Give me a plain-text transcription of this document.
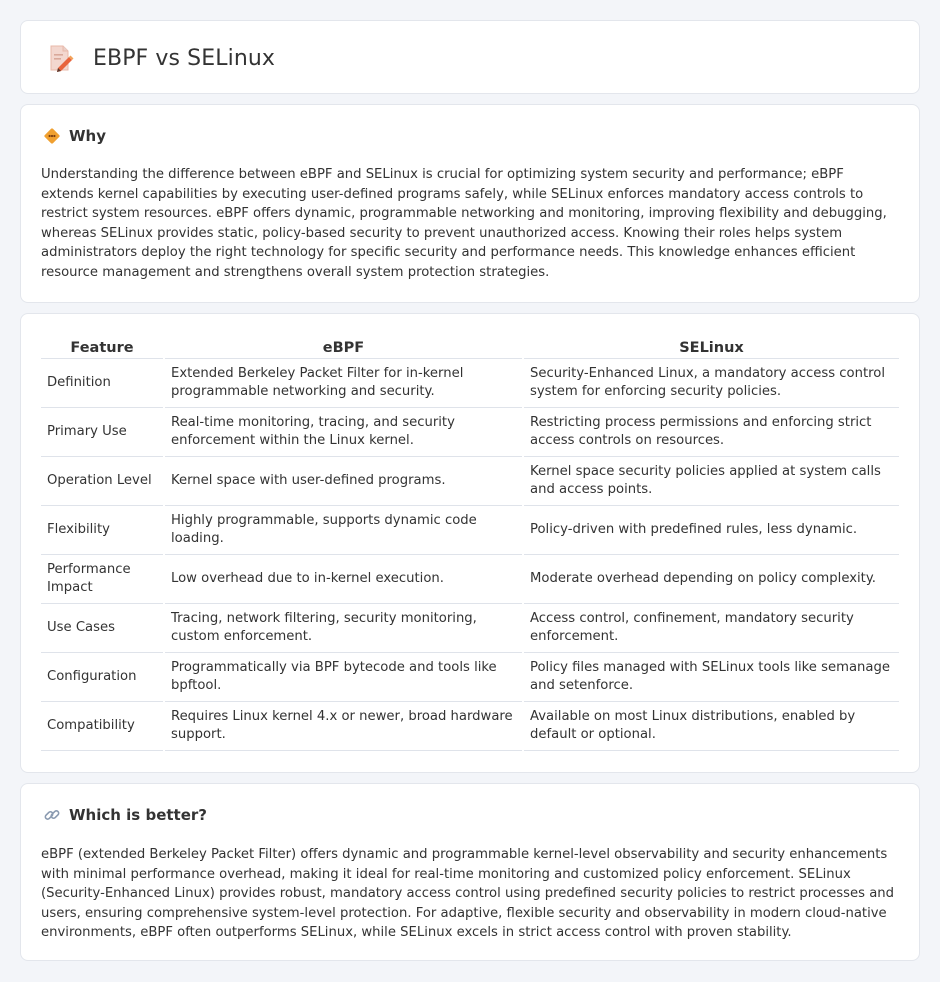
EBPF vs SELinux
Why

Understanding the difference between eBPF and SELinux is crucial for optimizing system security and performance; eBPF extends kernel capabilities by executing user-defined programs safely, while SELinux enforces mandatory access controls to restrict system resources. eBPF offers dynamic, programmable networking and monitoring, improving flexibility and debugging, whereas SELinux provides static, policy-based security to prevent unauthorized access. Knowing their roles helps system administrators deploy the right technology for specific security and performance needs. This knowledge enhances efficient resource management and strengthens overall system protection strategies.

Feature	eBPF	SELinux
Definition	Extended Berkeley Packet Filter for in-kernel programmable networking and security.	Security-Enhanced Linux, a mandatory access control system for enforcing security policies.
Primary Use	Real-time monitoring, tracing, and security enforcement within the Linux kernel.	Restricting process permissions and enforcing strict access controls on resources.
Operation Level	Kernel space with user-defined programs.	Kernel space security policies applied at system calls and access points.
Flexibility	Highly programmable, supports dynamic code loading.	Policy-driven with predefined rules, less dynamic.
Performance Impact	Low overhead due to in-kernel execution.	Moderate overhead depending on policy complexity.
Use Cases	Tracing, network filtering, security monitoring, custom enforcement.	Access control, confinement, mandatory security enforcement.
Configuration	Programmatically via BPF bytecode and tools like bpftool.	Policy files managed with SELinux tools like semanage and setenforce.
Compatibility	Requires Linux kernel 4.x or newer, broad hardware support.	Available on most Linux distributions, enabled by default or optional.
Which is better?

eBPF (extended Berkeley Packet Filter) offers dynamic and programmable kernel-level observability and security enhancements with minimal performance overhead, making it ideal for real-time monitoring and customized policy enforcement. SELinux (Security-Enhanced Linux) provides robust, mandatory access control using predefined security policies to restrict processes and users, ensuring comprehensive system-level protection. For adaptive, flexible security and observability in modern cloud-native environments, eBPF often outperforms SELinux, while SELinux excels in strict access control with proven stability.
